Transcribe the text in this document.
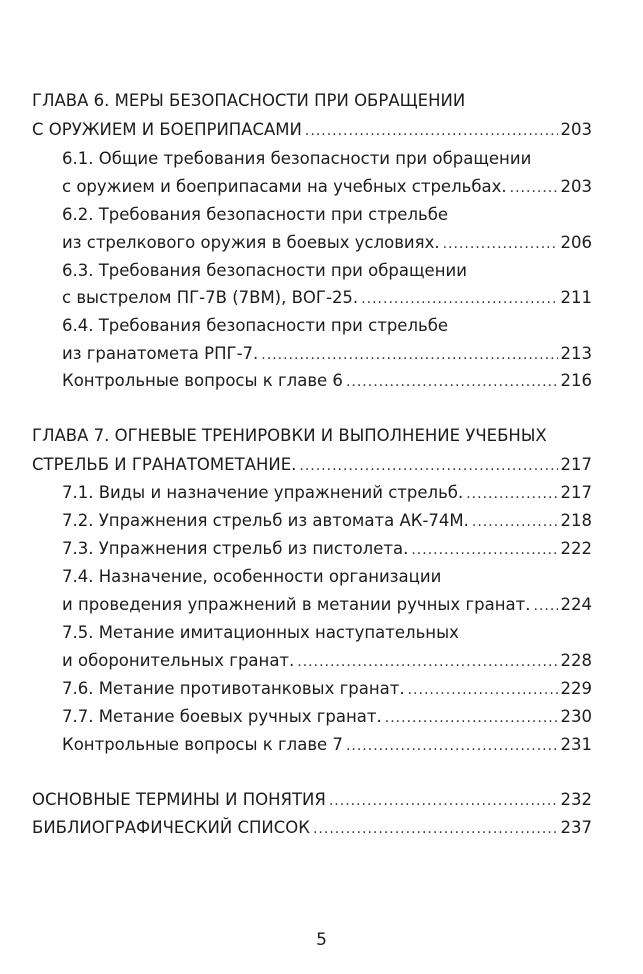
ГЛАВА 6. МЕРЫ БЕЗОПАСНОСТИ ПРИ ОБРАЩЕНИИ
С ОРУЖИЕМ И БОЕПРИПАСАМИ .....	203
6.1. Общие требования безопасности при обращении
с оружием и боеприпасами на учебных стрельбах. .....	203
6.2. Требования безопасности при стрельбе
из стрелкового оружия в боевых условиях. .....	206
6.3. Требования безопасности при обращении
с выстрелом ПГ-7В (7ВМ), ВОГ-25. .....	211
6.4. Требования безопасности при стрельбе
из гранатомета РПГ-7. .....	213
Контрольные вопросы к главе 6 .....	216
ГЛАВА 7. ОГНЕВЫЕ ТРЕНИРОВКИ И ВЫПОЛНЕНИЕ УЧЕБНЫХ
СТРЕЛЬБ И ГРАНАТОМЕТАНИЕ. .....	217
7.1. Виды и назначение упражнений стрельб. .....	217
7.2. Упражнения стрельб из автомата АК-74М. .....	218
7.3. Упражнения стрельб из пистолета. .....	222
7.4. Назначение, особенности организации
и проведения упражнений в метании ручных гранат. ..... 224
7.5. Метание имитационных наступательных
и оборонительных гранат. .....	228
7.6. Метание противотанковых гранат. .....	229
7.7. Метание боевых ручных гранат. .....	230
Контрольные вопросы к главе 7 .....	231
ОСНОВНЫЕ ТЕРМИНЫ И ПОНЯТИЯ .....	232
БИБЛИОГРАФИЧЕСКИЙ СПИСОК .....	237
5
